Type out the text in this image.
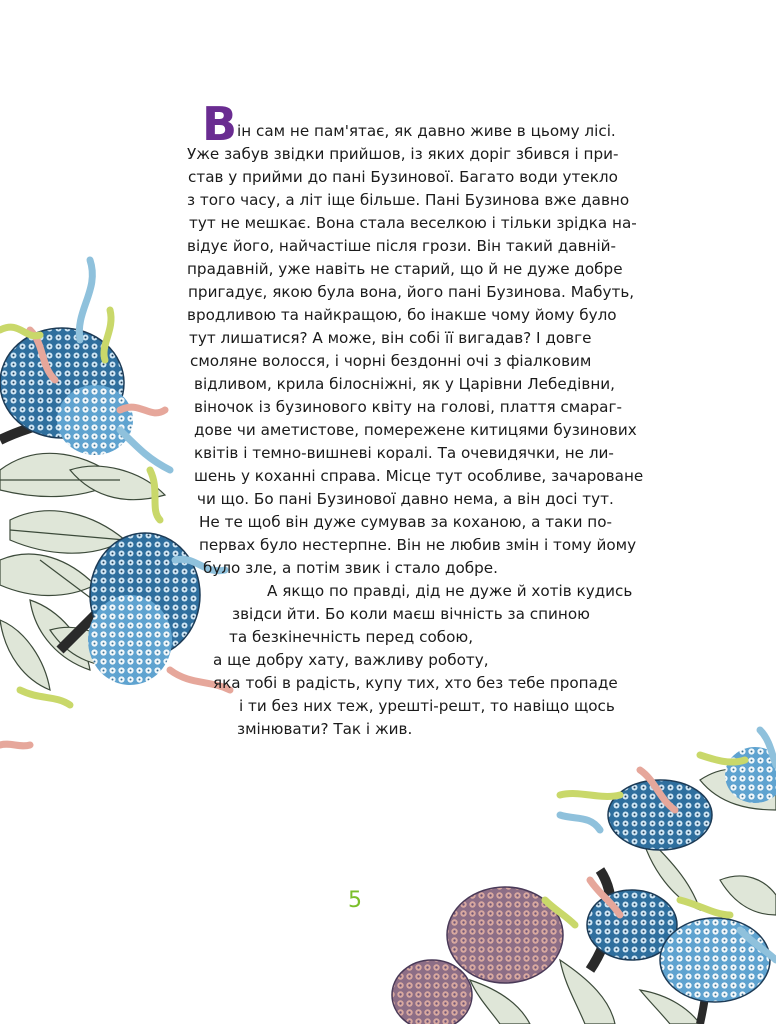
В ін сам не пам'ятає, як давно живе в цьому лісі.
Уже забув звідки прийшов, із яких доріг збився і при-
став у прийми до пані Бузинової. Багато води утекло
з того часу, а літ іще більше. Пані Бузинова вже давно
тут не мешкає. Вона стала веселкою і тільки зрідка на-
відує його, найчастіше після грози. Він такий давній-
прадавній, уже навіть не старий, що й не дуже добре
пригадує, якою була вона, його пані Бузинова. Мабуть,
вродливою та найкращою, бо інакше чому йому було
тут лишатися? А може, він собі її вигадав? І довге
смоляне волосся, і чорні бездонні очі з фіалковим
відливом, крила білосніжні, як у Царівни Лебедівни,
віночок із бузинового квіту на голові, плаття смараг-
дове чи аметистове, помережене китицями бузинових
квітів і темно-вишневі коралі. Та очевидячки, не ли-
шень у коханні справа. Місце тут особливе, зачароване
чи що. Бо пані Бузинової давно нема, а він досі тут.
Не те щоб він дуже сумував за коханою, а таки по-
первах було нестерпне. Він не любив змін і тому йому
було зле, а потім звик і стало добре.
А якщо по правді, дід не дуже й хотів кудись
звідси йти. Бо коли маєш вічність за спиною
та безкінечність перед собою,
а ще добру хату, важливу роботу,
яка тобі в радість, купу тих, хто без тебе пропаде
і ти без них теж, урешті-решт, то навіщо щось
змінювати? Так і жив.
5
